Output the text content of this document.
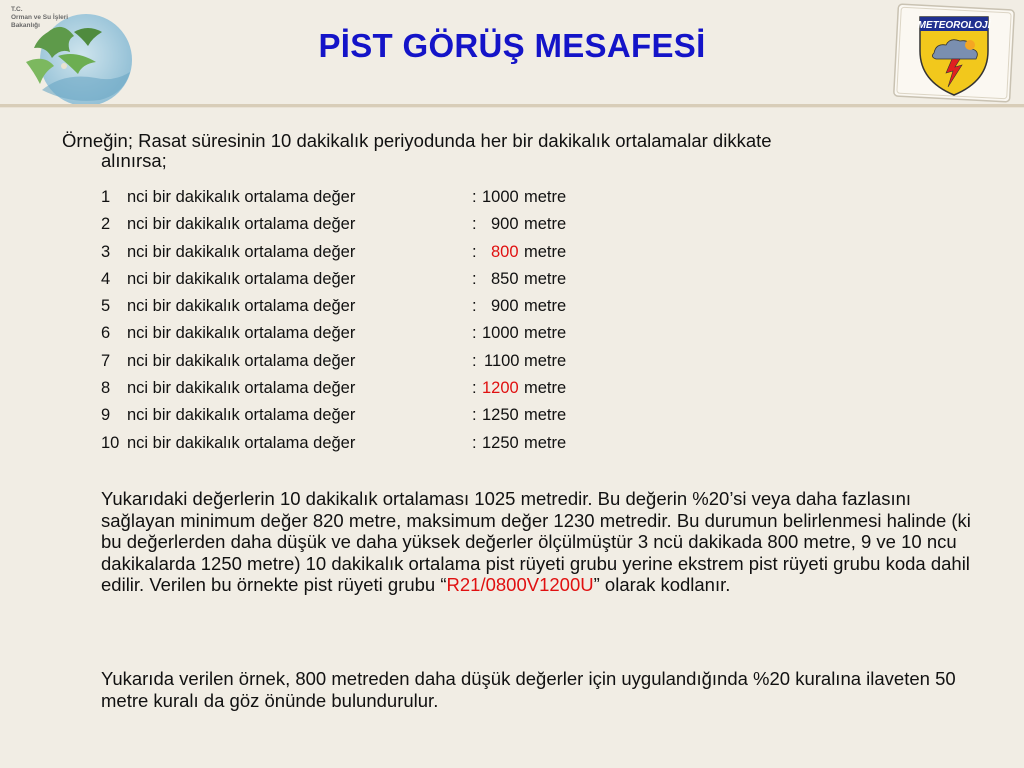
T.C.
Orman ve Su İşleri
Bakanlığı
PİST GÖRÜŞ MESAFESİ
METEOROLOJİ
Örneğin; Rasat süresinin 10 dakikalık periyodunda her bir dakikalık ortalamalar dikkate
alınırsa;
1	nci bir dakikalık ortalama değer	: 1000 metre
2	nci bir dakikalık ortalama değer	: 900 metre
3	nci bir dakikalık ortalama değer	: 800 metre
4	nci bir dakikalık ortalama değer	: 850 metre
5	nci bir dakikalık ortalama değer	: 900 metre
6	nci bir dakikalık ortalama değer	: 1000 metre
7	nci bir dakikalık ortalama değer	: 1100 metre
8	nci bir dakikalık ortalama değer	: 1200 metre
9	nci bir dakikalık ortalama değer	: 1250 metre
10 nci bir dakikalık ortalama değer	: 1250 metre
Yukarıdaki değerlerin 10 dakikalık ortalaması 1025 metredir. Bu değerin %20’si veya daha fazlasını sağlayan minimum değer 820 metre, maksimum değer 1230 metredir. Bu durumun belirlenmesi halinde (ki bu değerlerden daha düşük ve daha yüksek değerler ölçülmüştür 3 ncü dakikada 800 metre, 9 ve 10 ncu dakikalarda 1250 metre) 10 dakikalık ortalama pist rüyeti grubu yerine ekstrem pist rüyeti grubu koda dahil edilir. Verilen bu örnekte pist rüyeti grubu “R21/0800V1200U” olarak kodlanır.
Yukarıda verilen örnek, 800 metreden daha düşük değerler için uygulandığında %20 kuralına ilaveten 50 metre kuralı da göz önünde bulundurulur.
